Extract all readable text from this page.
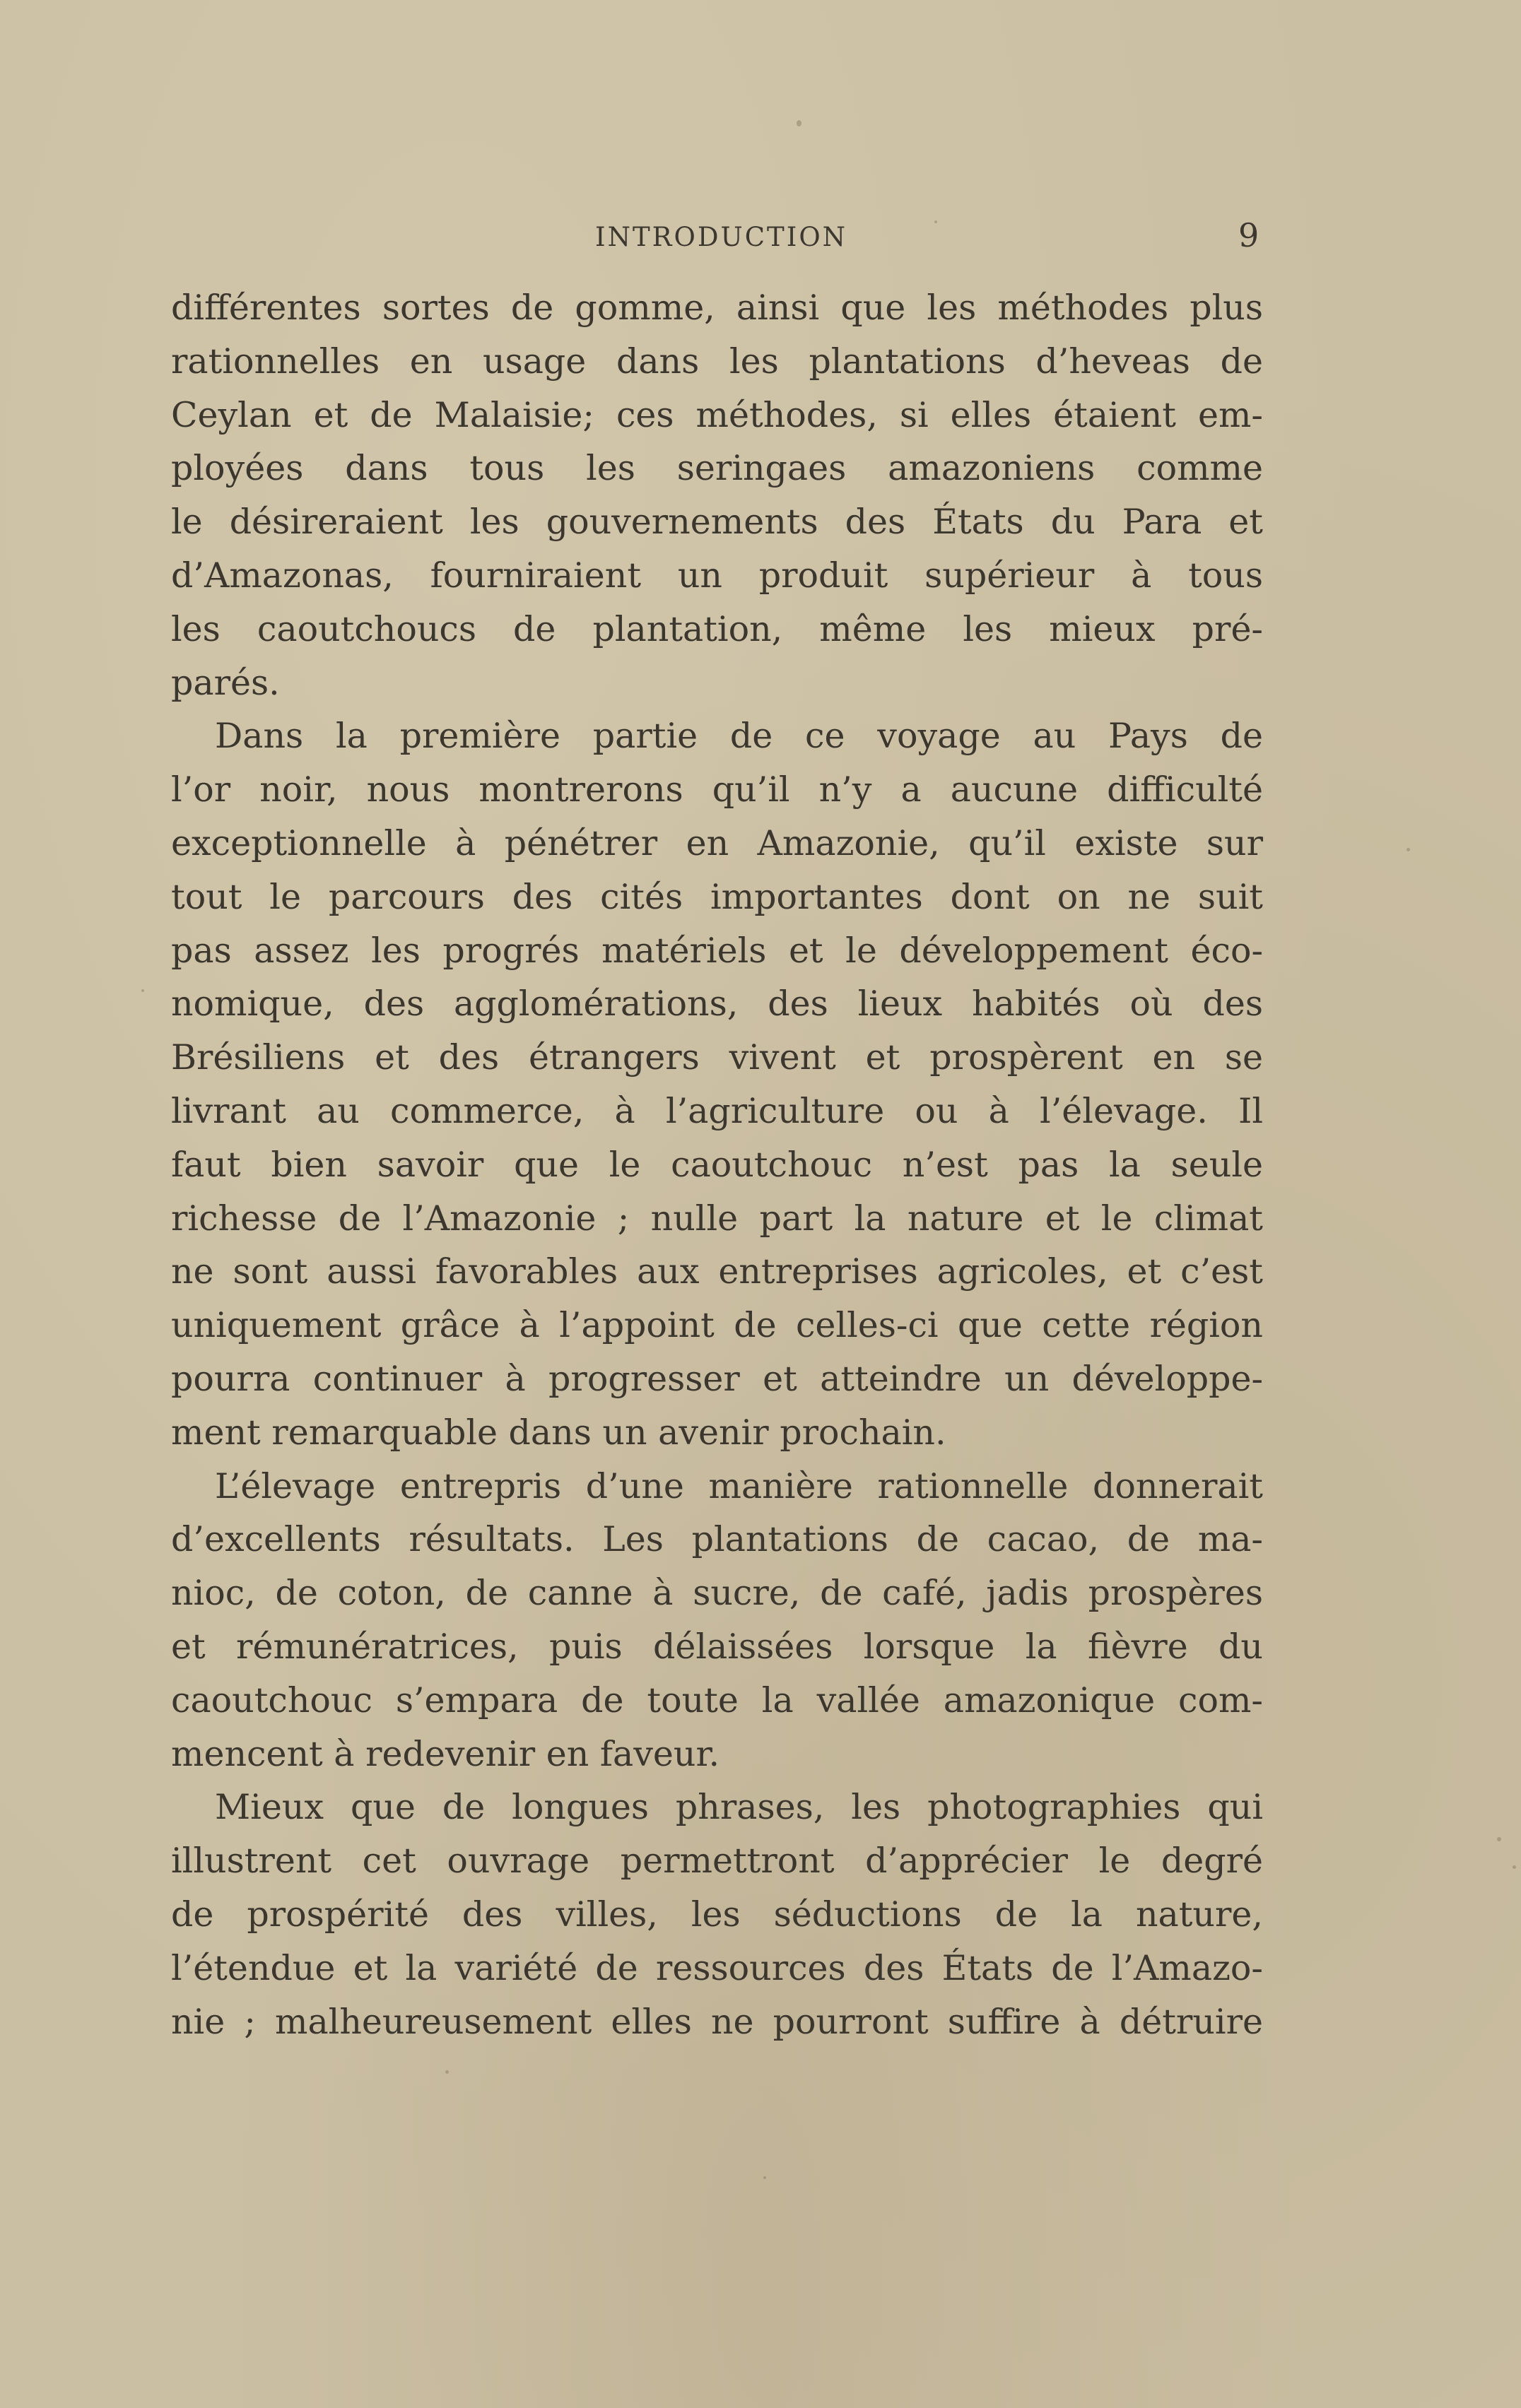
INTRODUCTION	9
différentes sortes de gomme, ainsi que les méthodes plus
rationnelles en usage dans les plantations d’heveas de
Ceylan et de Malaisie; ces méthodes, si elles étaient em-
ployées dans tous les seringaes amazoniens comme
le désireraient les gouvernements des États du Para et
d’Amazonas, fourniraient un produit supérieur à tous
les caoutchoucs de plantation, même les mieux pré-
parés.
Dans la première partie de ce voyage au Pays de
l’or noir, nous montrerons qu’il n’y a aucune difficulté
exceptionnelle à pénétrer en Amazonie, qu’il existe sur
tout le parcours des cités importantes dont on ne suit
pas assez les progrés matériels et le développement éco-
nomique, des agglomérations, des lieux habités où des
Brésiliens et des étrangers vivent et prospèrent en se
livrant au commerce, à l’agriculture ou à l’élevage. Il
faut bien savoir que le caoutchouc n’est pas la seule
richesse de l’Amazonie ; nulle part la nature et le climat
ne sont aussi favorables aux entreprises agricoles, et c’est
uniquement grâce à l’appoint de celles-ci que cette région
pourra continuer à progresser et atteindre un développe-
ment remarquable dans un avenir prochain.
L’élevage entrepris d’une manière rationnelle donnerait
d’excellents résultats. Les plantations de cacao, de ma-
nioc, de coton, de canne à sucre, de café, jadis prospères
et rémunératrices, puis délaissées lorsque la fièvre du
caoutchouc s’empara de toute la vallée amazonique com-
mencent à redevenir en faveur.
Mieux que de longues phrases, les photographies qui
illustrent cet ouvrage permettront d’apprécier le degré
de prospérité des villes, les séductions de la nature,
l’étendue et la variété de ressources des États de l’Amazo-
nie ; malheureusement elles ne pourront suffire à détruire
